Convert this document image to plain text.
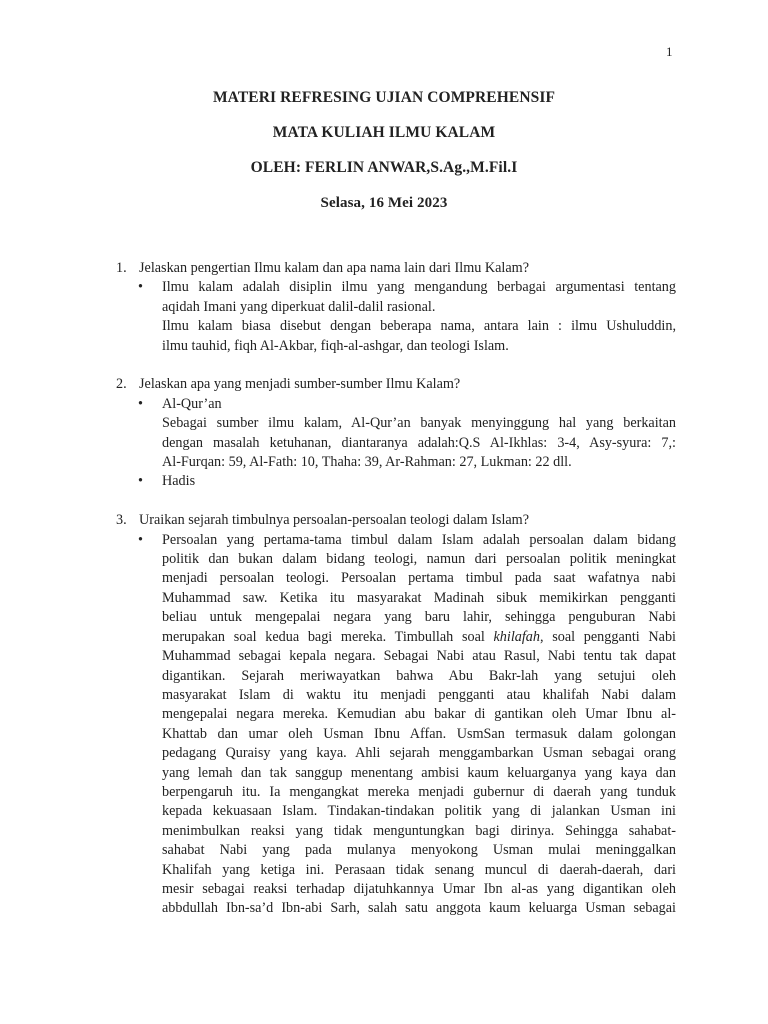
1
MATERI REFRESING UJIAN COMPREHENSIF
MATA KULIAH ILMU KALAM
OLEH: FERLIN ANWAR,S.Ag.,M.Fil.I
Selasa, 16 Mei 2023
1. Jelaskan pengertian Ilmu kalam dan apa nama lain dari Ilmu Kalam?
• Ilmu kalam adalah disiplin ilmu yang mengandung berbagai argumentasi tentang
aqidah Imani yang diperkuat dalil-dalil rasional.
Ilmu kalam biasa disebut dengan beberapa nama, antara lain : ilmu Ushuluddin,
ilmu tauhid, fiqh Al-Akbar, fiqh-al-ashgar, dan teologi Islam.
2. Jelaskan apa yang menjadi sumber-sumber Ilmu Kalam?
• Al-Qur’an
Sebagai sumber ilmu kalam, Al-Qur’an banyak menyinggung hal yang berkaitan
dengan masalah ketuhanan, diantaranya adalah:Q.S Al-Ikhlas: 3-4, Asy-syura: 7,:
Al-Furqan: 59, Al-Fath: 10, Thaha: 39, Ar-Rahman: 27, Lukman: 22 dll.
• Hadis
3. Uraikan sejarah timbulnya persoalan-persoalan teologi dalam Islam?
• Persoalan yang pertama-tama timbul dalam Islam adalah persoalan dalam bidang
politik dan bukan dalam bidang teologi, namun dari persoalan politik meningkat
menjadi persoalan teologi. Persoalan pertama timbul pada saat wafatnya nabi
Muhammad saw. Ketika itu masyarakat Madinah sibuk memikirkan pengganti
beliau untuk mengepalai negara yang baru lahir, sehingga penguburan Nabi
merupakan soal kedua bagi mereka. Timbullah soal khilafah, soal pengganti Nabi
Muhammad sebagai kepala negara. Sebagai Nabi atau Rasul, Nabi tentu tak dapat
digantikan. Sejarah meriwayatkan bahwa Abu Bakr-lah yang setujui oleh
masyarakat Islam di waktu itu menjadi pengganti atau khalifah Nabi dalam
mengepalai negara mereka. Kemudian abu bakar di gantikan oleh Umar Ibnu al-
Khattab dan umar oleh Usman Ibnu Affan. UsmSan termasuk dalam golongan
pedagang Quraisy yang kaya. Ahli sejarah menggambarkan Usman sebagai orang
yang lemah dan tak sanggup menentang ambisi kaum keluarganya yang kaya dan
berpengaruh itu. Ia mengangkat mereka menjadi gubernur di daerah yang tunduk
kepada kekuasaan Islam. Tindakan-tindakan politik yang di jalankan Usman ini
menimbulkan reaksi yang tidak menguntungkan bagi dirinya. Sehingga sahabat-
sahabat Nabi yang pada mulanya menyokong Usman mulai meninggalkan
Khalifah yang ketiga ini. Perasaan tidak senang muncul di daerah-daerah, dari
mesir sebagai reaksi terhadap dijatuhkannya Umar Ibn al-as yang digantikan oleh
abbdullah Ibn-sa’d Ibn-abi Sarh, salah satu anggota kaum keluarga Usman sebagai
